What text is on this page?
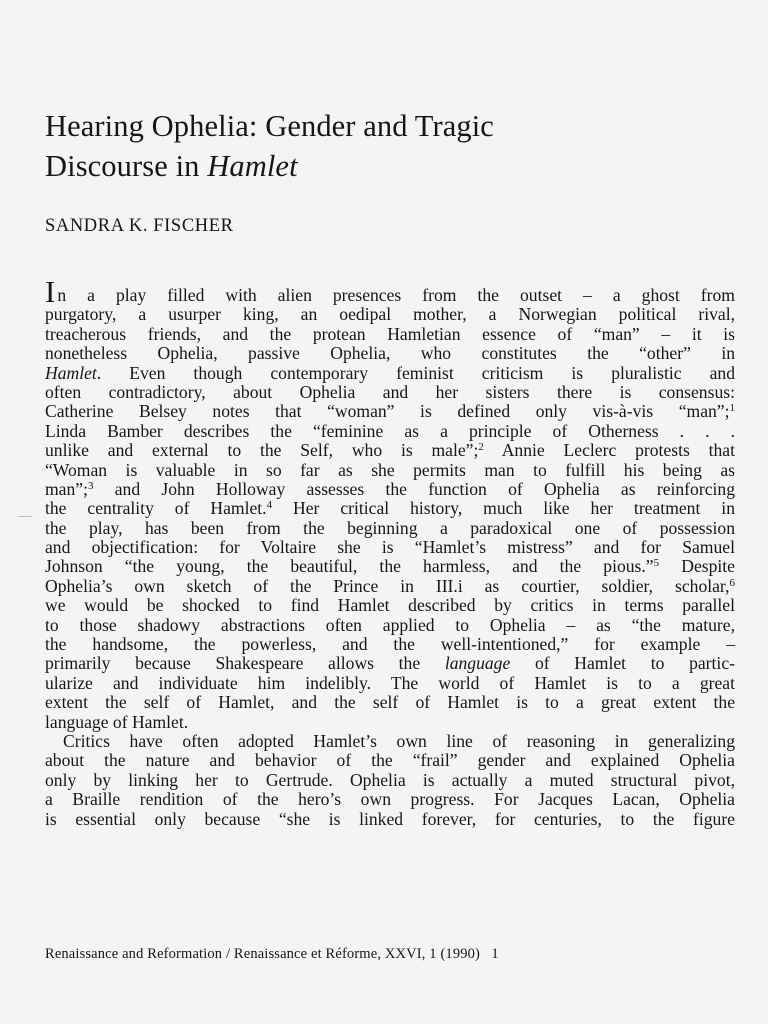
Hearing Ophelia: Gender and Tragic
Discourse in Hamlet

SANDRA K. FISCHER

In a play filled with alien presences from the outset – a ghost from
purgatory, a usurper king, an oedipal mother, a Norwegian political rival,
treacherous friends, and the protean Hamletian essence of “man” – it is
nonetheless Ophelia, passive Ophelia, who constitutes the “other” in
Hamlet. Even though contemporary feminist criticism is pluralistic and
often contradictory, about Ophelia and her sisters there is consensus:
Catherine Belsey notes that “woman” is defined only vis-à-vis “man”;$^1$
Linda Bamber describes the “feminine as a principle of Otherness . . .
unlike and external to the Self, who is male”;$^2$ Annie Leclerc protests that
“Woman is valuable in so far as she permits man to fulfill his being as
man”;$^3$ and John Holloway assesses the function of Ophelia as reinforcing
the centrality of Hamlet.$^4$ Her critical history, much like her treatment in
the play, has been from the beginning a paradoxical one of possession
and objectification: for Voltaire she is “Hamlet’s mistress” and for Samuel
Johnson “the young, the beautiful, the harmless, and the pious.”$^5$ Despite
Ophelia’s own sketch of the Prince in III.i as courtier, soldier, scholar,$^6$
we would be shocked to find Hamlet described by critics in terms parallel
to those shadowy abstractions often applied to Ophelia – as “the mature,
the handsome, the powerless, and the well-intentioned,” for example –
primarily because Shakespeare allows the language of Hamlet to partic-
ularize and individuate him indelibly. The world of Hamlet is to a great
extent the self of Hamlet, and the self of Hamlet is to a great extent the
language of Hamlet.
Critics have often adopted Hamlet’s own line of reasoning in generalizing
about the nature and behavior of the “frail” gender and explained Ophelia
only by linking her to Gertrude. Ophelia is actually a muted structural pivot,
a Braille rendition of the hero’s own progress. For Jacques Lacan, Ophelia
is essential only because “she is linked forever, for centuries, to the figure

Renaissance and Reformation / Renaissance et Réforme, XXVI, 1 (1990) 1
